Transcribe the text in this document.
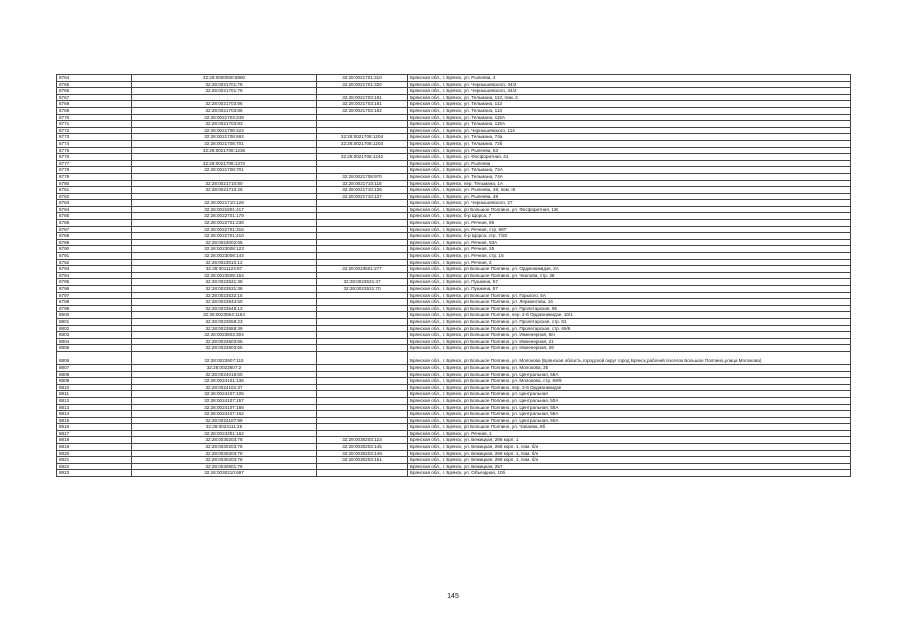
8764	32:28:0000000:5980	32:28:0021701:310	Брянская обл., г. Брянск, ул. Рылеева, 4
8765	32:28:0021701:78	32:28:0021701:320	Брянская обл., г. Брянск, ул. Чернышевского, 34/2
8766	32:28:0021701:78		Брянская обл., г. Брянск, ул. Чернышевского, 34/2
8767		32:28:0021703:181	Брянская обл., г. Брянск, ул. Тельмана, 113, пом. 2
8768	32:28:0021703:86	32:28:0021703:181	Брянская обл., г. Брянск, ул. Тельмана, 113
8769	32:28:0021703:86	32:28:0021703:182	Брянская обл., г. Брянск, ул. Тельмана, 113
8770	32:28:0021703:249		Брянская обл., г. Брянск, ул. Тельмана, 115А
8771	32:28:0021703:83		Брянская обл., г. Брянск, ул. Тельмана, 115А
8772	32:28:0021708:423		Брянская обл., г. Брянск, ул. Чернышевского, 114
8773	32:28:0021708:692	32:28:0021708:1204	Брянская обл., г. Брянск, ул. Тельмана, 74а
8774	32:28:0021708:701	32:28:0021708:1203	Брянская обл., г. Брянск, ул. Тельмана, 72б
8775	32:28:0021708:1236		Брянская обл., г. Брянск, ул. Рылеева, 53
8776		32:28:0021708:1242	Брянская обл., г. Брянск, ул. Фосфоритная, 41
8777	32:28:0021708:1372		Брянская обл., г. Брянск, ул. Рылеева
8778	32:28:0021708:701		Брянская обл., г. Брянск, ул. Тельмана, 72А
8779		32:28:0021708:970	Брянская обл., г. Брянск, ул. Тельмана, 74А
8780	32:28:0021710:80	32:28:0021710:118	Брянская обл., г. Брянск, пер. Тельмана, 1А
8781	32:28:0021710:26	32:28:0021710:126	Брянская обл., г. Брянск, ул. Рылеева, 48, пом. III
8782		32:28:0021710:127	Брянская обл., г. Брянск, ул. Рылеева, 48
8783	32:28:0021710:128		Брянская обл., г. Брянск, ул. Чернышевского, 27
8784	32:28:0021801:417		Брянская обл., г. Брянск, рп Большое Полпино, ул. Фосфоритная, 1Ж
8785	32:28:0022701:179		Брянская обл., г. Брянск, б-р Щорса, 7
8786	32:28:0022701:238		Брянская обл., г. Брянск, ул. Речная, 95
8787	32:28:0022701:315		Брянская обл., г. Брянск, ул. Речная, стр. 98Т
8788	32:28:0022701:410		Брянская обл., г. Брянск, б-р Щорса, стр. 7/20
8789	32:28:0023002:65		Брянская обл., г. Брянск, ул. Речная, 93А
8790	32:28:0023008:123		Брянская обл., г. Брянск, ул. Речная, 35
8791	32:28:0023008:144		Брянская обл., г. Брянск, ул. Речная, стр. 15
8792	32:28:0023010:12		Брянская обл., г. Брянск, ул. Речная, 2
8793	32:28:0011124:97	32:28:0023501:277	Брянская обл., г. Брянск, рп Большое Полпино, ул. Орджоникидзе, 2А
8794	32:28:0023509:154		Брянская обл., г. Брянск, рп Большое Полпино, ул. Чкалова, стр. 38
8795	32:28:0023531:38	32:28:0023531:47	Брянская обл., г. Брянск, ул. Пушкина, 57
8796	32:28:0023531:38	32:28:0023531:70	Брянская обл., г. Брянск, ул. Пушкина, 57
8797	32:28:0023532:15		Брянская обл., г. Брянск, рп Большое Полпино, ул. Горького, 5А
8798	32:28:0023543:50		Брянская обл., г. Брянск, рп Большое Полпино, ул. Лермонтова, 16
8799	32:28:0023548:13		Брянская обл., г. Брянск, рп Большое Полпино, ул. Пролетарская, 95
8800	32:28:0023554:1154		Брянская обл., г. Брянск, рп Большое Полпино, пер. 2-й Орджоникидзе, 10/1
8801	32:28:0023559:23		Брянская обл., г. Брянск, рп Большое Полпино, ул. Пролетарская, стр. 81
8802	32:28:0023559:39		Брянская обл., г. Брянск, рп Большое Полпино, ул. Пролетарская, стр. 65/6
8803	32:28:0023603:304		Брянская обл., г. Брянск, рп Большое Полпино, ул. Инженерная, 6/н
8804	32:28:0023603:65		Брянская обл., г. Брянск, рп Большое Полпино, ул. Инженерная, 21
8805	32:28:0023603:65		Брянская обл., г. Брянск, рп Большое Полпино, ул. Инженерная, 29
8806	32:28:0023607:115		Брянская обл., г. Брянск, рп Большое Полпино, ул. Молокова (Брянская область,городской округ город Брянск,рабочий поселок Большое Полпино,улица Молокова)
8807	32:28:0023607:2		Брянская обл., г. Брянск, рп Большое Полпино, ул. Молокова, 35
8808	32:28:0024018:60		Брянская обл., г. Брянск, рп Большое Полпино, ул. Центральная, 58А
8809	32:28:0024101:136		Брянская обл., г. Брянск, рп Большое Полпино, ул. Молокова, стр. 69/9
8810	32:28:0024101:37		Брянская обл., г. Брянск, рп Большое Полпино, пер. 3-й Орджоникидзе
8811	32:28:0024107:105		Брянская обл., г. Брянск, рп Большое Полпино, ул. Центральная
8812	32:28:0024107:157		Брянская обл., г. Брянск, рп Большое Полпино, ул. Центральная, 50А
8813	32:28:0024107:156		Брянская обл., г. Брянск, рп Большое Полпино, ул. Центральная, 58А
8814	32:28:0024107:162		Брянская обл., г. Брянск, рп Большое Полпино, ул. Центральная, 58А
8815	32:28:0024107:99		Брянская обл., г. Брянск, рп Большое Полпино, ул. Центральная, 50А
8816	32:28:0024111:25		Брянская обл., г. Брянск, рп Большое Полпино, ул. Чапаева, 8б
8817	32:28:0024301:162		Брянская обл., г. Брянск, ул. Речная, 1
8818	32:28:0030203:78	32:28:0030203:123	Брянская обл., г. Брянск, ул. Бежицкая, 286 корп. 1
8819	32:28:0030203:78	32:28:0030203:145	Брянская обл., г. Брянск, ул. Бежицкая, 286 корп. 1, пом. б/н
8820	32:28:0030203:78	32:28:0030203:149	Брянская обл., г. Брянск, ул. Бежицкая, 286 корп. 1, пом. б/н
8821	32:28:0030203:78	32:28:0030203:151	Брянская обл., г. Брянск, ул. Бежицкая, 286 корп. 1, пом. б/н
8822	32:28:0030501:76		Брянская обл., г. Брянск, ул. Бежицкая, 257
8823	32:28:0030310:697		Брянская обл., г. Брянск, ул. Объездная, 10б
145
